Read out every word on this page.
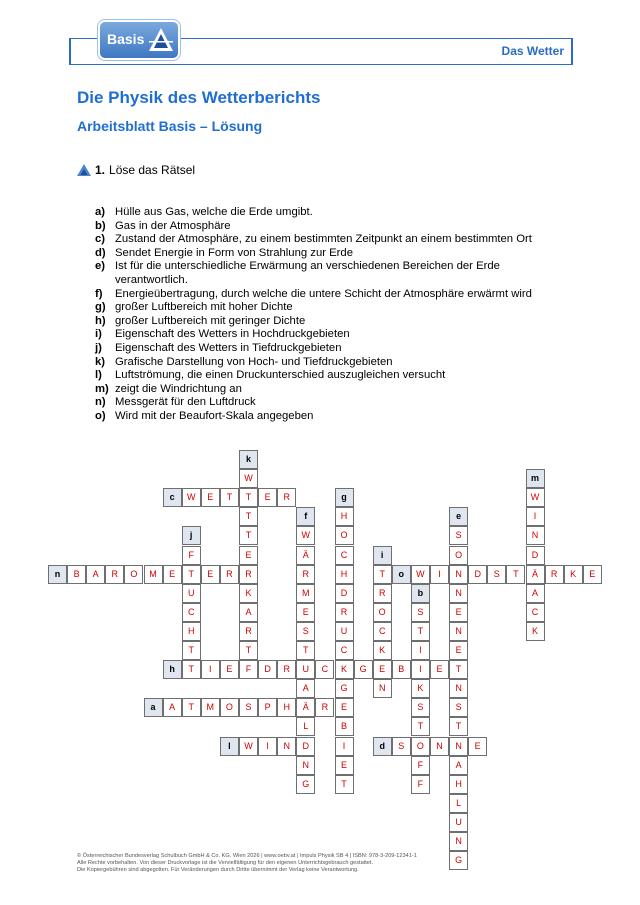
Basis
Das Wetter
Die Physik des Wetterberichts
Arbeitsblatt Basis – Lösung
1. Löse das Rätsel
a) Hülle aus Gas, welche die Erde umgibt.
b) Gas in der Atmosphäre
c) Zustand der Atmosphäre, zu einem bestimmten Zeitpunkt an einem bestimmten Ort
d) Sendet Energie in Form von Strahlung zur Erde
e) Ist für die unterschiedliche Erwärmung an verschiedenen Bereichen der Erde
verantwortlich.
f)	Energieübertragung, durch welche die untere Schicht der Atmosphäre erwärmt wird
g) großer Luftbereich mit hoher Dichte
h) großer Luftbereich mit geringer Dichte
i)	Eigenschaft des Wetters in Hochdruckgebieten
j)	Eigenschaft des Wetters in Tiefdruckgebieten
k) Grafische Darstellung von Hoch- und Tiefdruckgebieten
l)	Luftströmung, die einen Druckunterschied auszugleichen versucht
m) zeigt die Windrichtung an
n) Messgerät für den Luftdruck
o) Wird mit der Beaufort-Skala angegeben
c	W	E	T	T	E	R
n	B	A	R	O	M	E	T	E	R	o	W	I	N	D	S	T	Ä	R	K	E
h	T	I	E	F	D	R	U	C	K	G	E	B	I	E	T
a	A	T	M	O	S	P	H	Ä	R	E
l	W	I	N	D	d	S	O	N	N	E
k
W
T
T
E
R
K
A
R
T
m
W
I
N
D
A
C
K
g
H
O
C
H
D
R
U
C
G
B
I
E
T
f
W
Ä
R
M
E
S
T
A
L
N
G
e
S
O
N
E
N
E
N
S
T
A
H
L
U
N
G
j
F
U
C
H
T
i
T
R
O
C
K
N
b
S
T
I
K
S
T
F
F
© Österreichischer Bundesverlag Schulbuch GmbH & Co. KG, Wien 2026 | www.oebv.at | Impuls Physik SB 4 | ISBN: 978-3-209-12341-1
Alle Rechte vorbehalten. Von dieser Druckvorlage ist die Vervielfältigung für den eigenen Unterrichtsgebrauch gestattet.
Die Kopiergebühren sind abgegolten. Für Veränderungen durch Dritte übernimmt der Verlag keine Verantwortung.
